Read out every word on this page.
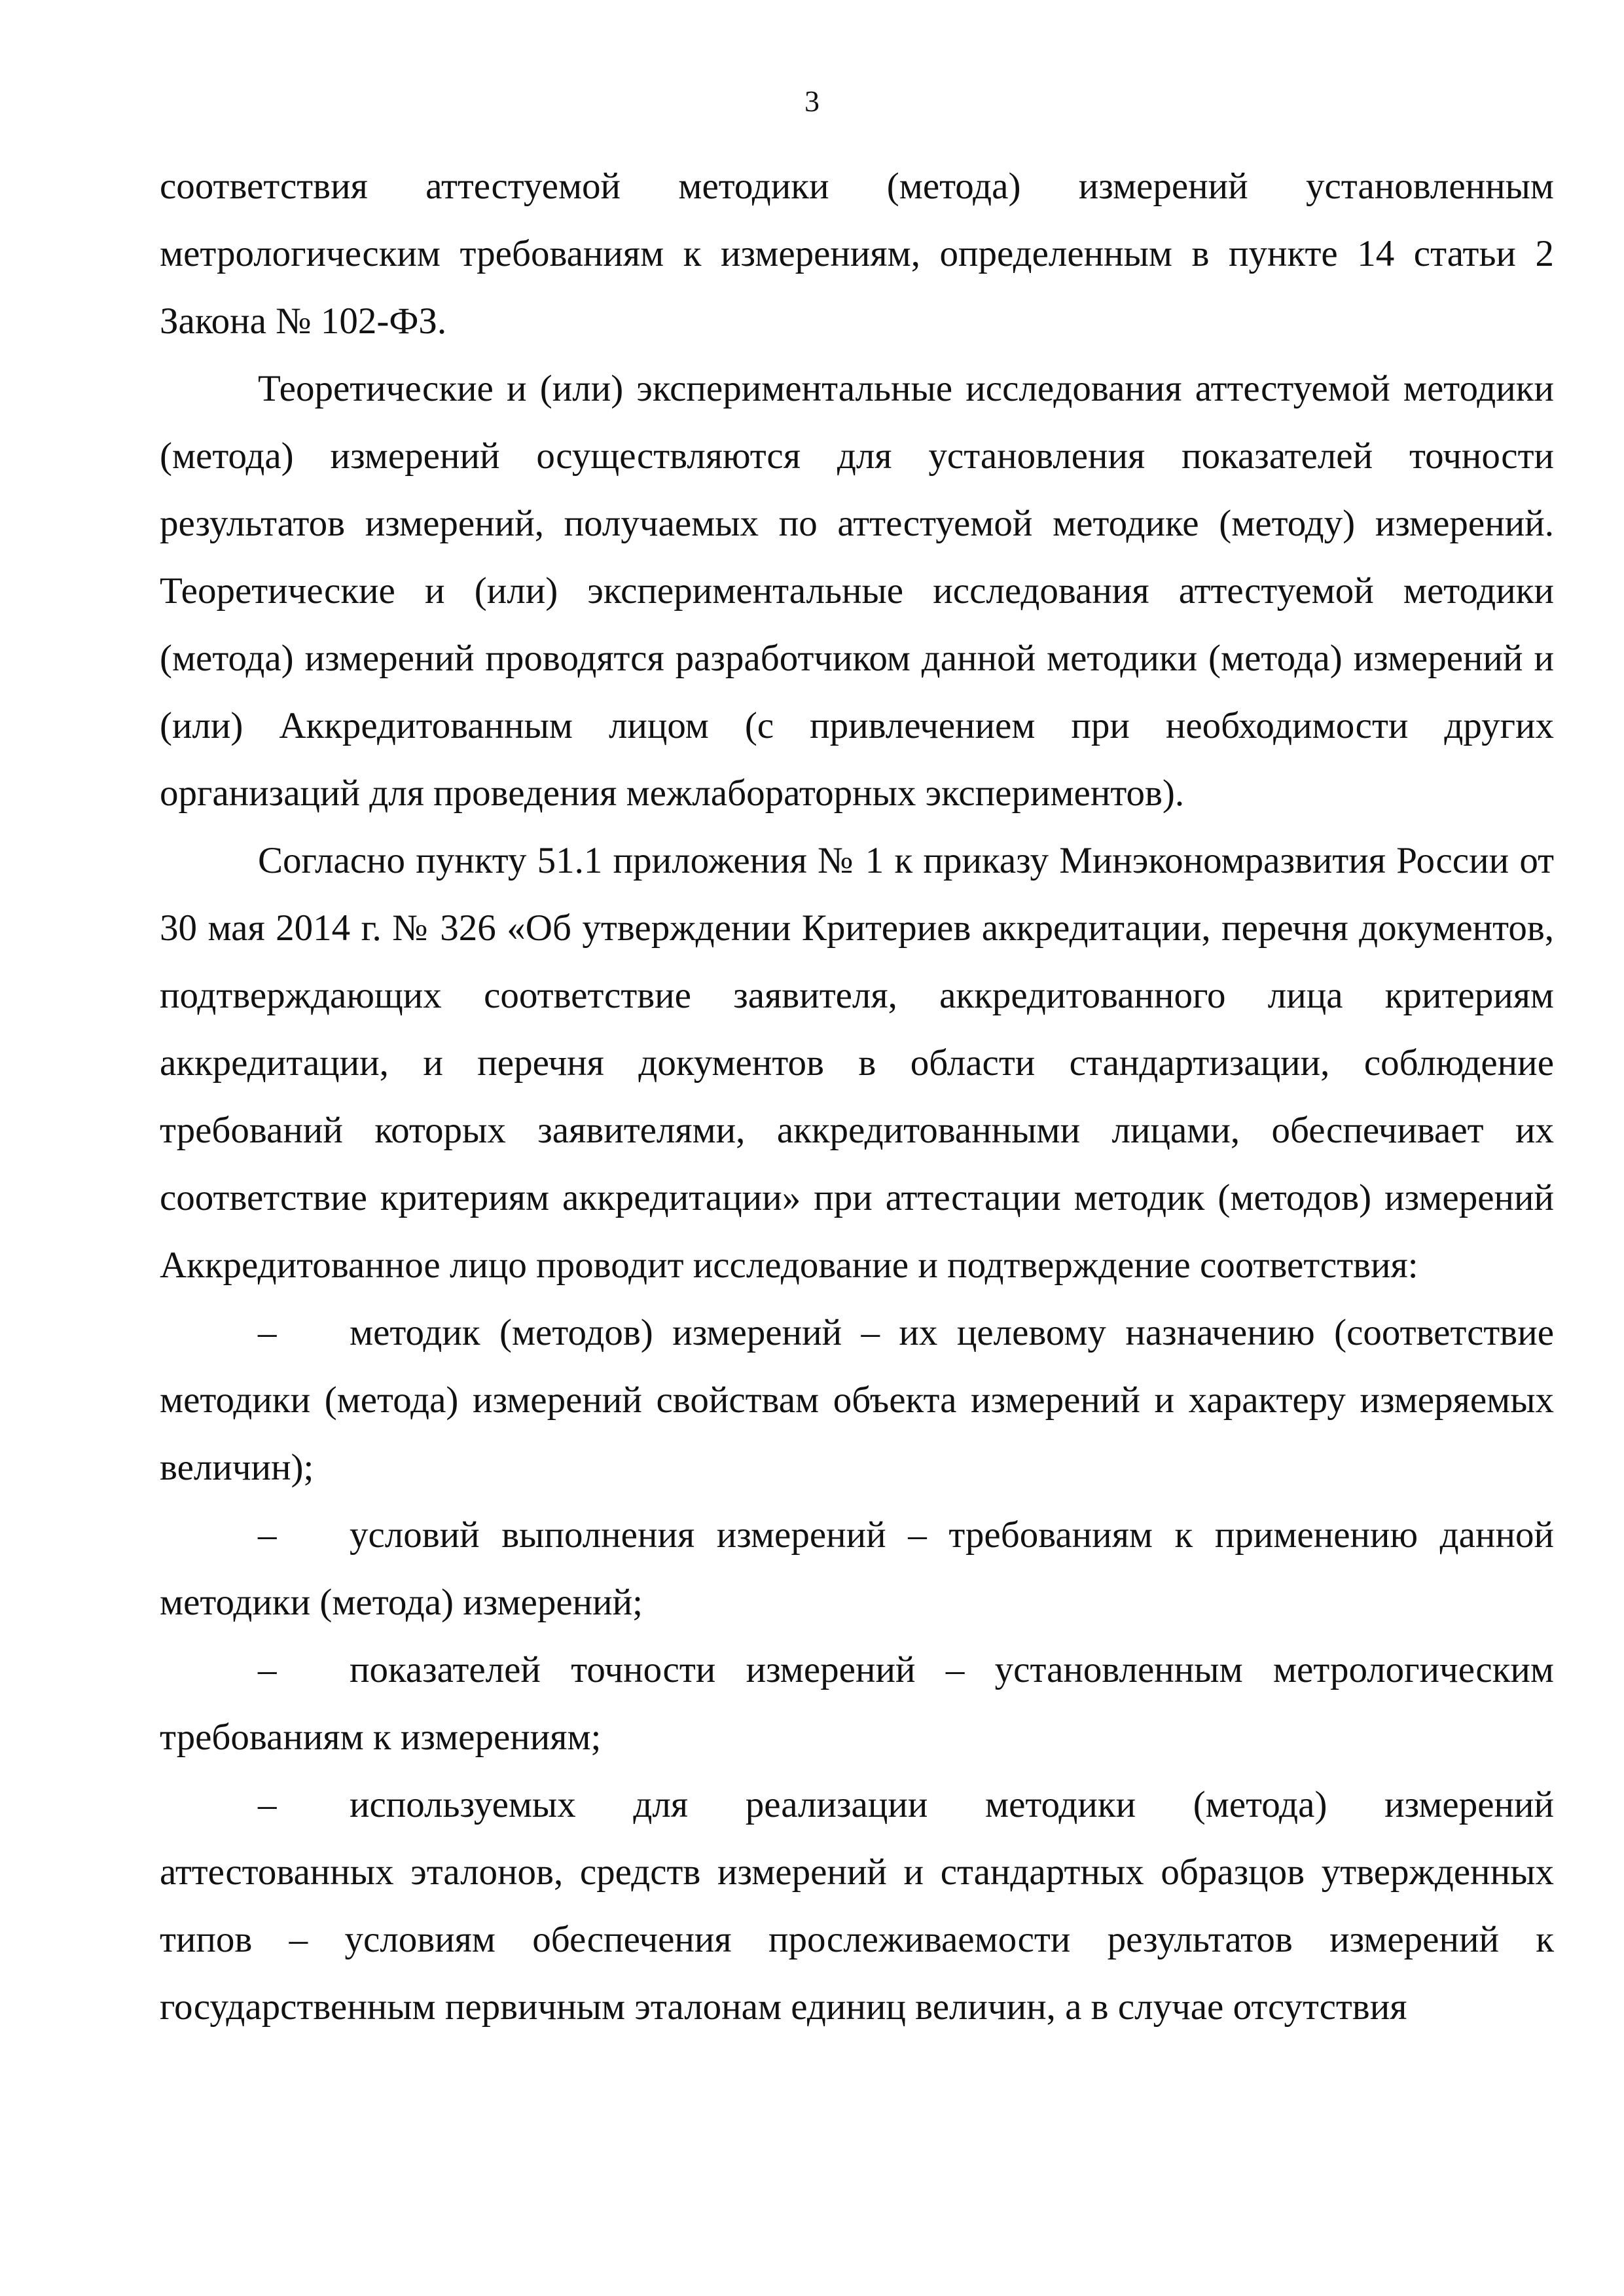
3

соответствия аттестуемой методики (метода) измерений установленным метрологическим требованиям к измерениям, определенным в пункте 14 статьи 2 Закона № 102-ФЗ.

Теоретические и (или) экспериментальные исследования аттестуемой методики (метода) измерений осуществляются для установления показателей точности результатов измерений, получаемых по аттестуемой методике (методу) измерений. Теоретические и (или) экспериментальные исследования аттестуемой методики (метода) измерений проводятся разработчиком данной методики (метода) измерений и (или) Аккредитованным лицом (с привлечением при необходимости других организаций для проведения межлабораторных экспериментов).

Согласно пункту 51.1 приложения № 1 к приказу Минэкономразвития России от 30 мая 2014 г. № 326 «Об утверждении Критериев аккредитации, перечня документов, подтверждающих соответствие заявителя, аккредитованного лица критериям аккредитации, и перечня документов в области стандартизации, соблюдение требований которых заявителями, аккредитованными лицами, обеспечивает их соответствие критериям аккредитации» при аттестации методик (методов) измерений Аккредитованное лицо проводит исследование и подтверждение соответствия:

– методик (методов) измерений – их целевому назначению (соответствие методики (метода) измерений свойствам объекта измерений и характеру измеряемых величин);

– условий выполнения измерений – требованиям к применению данной методики (метода) измерений;

– показателей точности измерений – установленным метрологическим требованиям к измерениям;

– используемых для реализации методики (метода) измерений аттестованных эталонов, средств измерений и стандартных образцов утвержденных типов – условиям обеспечения прослеживаемости результатов измерений к государственным первичным эталонам единиц величин, а в случае отсутствия
